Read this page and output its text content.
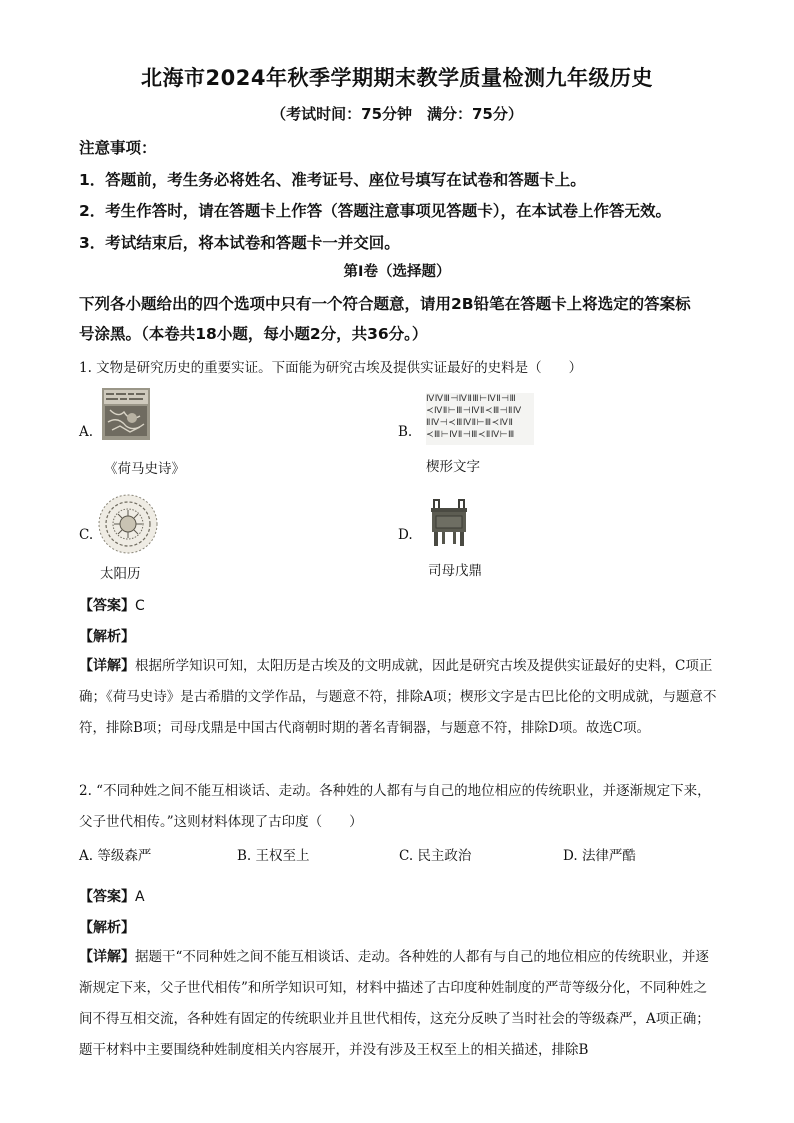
北海市2024年秋季学期期末教学质量检测九年级历史
（考试时间：75分钟　满分：75分）
注意事项：
1．答题前，考生务必将姓名、准考证号、座位号填写在试卷和答题卡上。
2．考生作答时，请在答题卡上作答（答题注意事项见答题卡），在本试卷上作答无效。
3．考试结束后，将本试卷和答题卡一并交回。
第Ⅰ卷（选择题）
下列各小题给出的四个选项中只有一个符合题意，请用2B铅笔在答题卡上将选定的答案标
号涂黑。（本卷共18小题，每小题2分，共36分。）
1. 文物是研究历史的重要实证。下面能为研究古埃及提供实证最好的史料是（　　）
A.
《荷马史诗》
B.
ⅣⅣⅢ⊣ⅣⅡⅢ⊢ⅣⅡ⊣Ⅲ
≺ⅣⅡ⊢Ⅲ⊣ⅣⅡ≺Ⅲ⊣ⅡⅣ
ⅡⅣ⊣≺ⅢⅣⅡ⊢Ⅲ≺ⅣⅡ
≺Ⅲ⊢ⅣⅡ⊣Ⅲ≺ⅡⅣ⊢Ⅲ
楔形文字
C.
太阳历
D.
司母戊鼎
【答案】C
【解析】
【详解】根据所学知识可知，太阳历是古埃及的文明成就，因此是研究古埃及提供实证最好的史料，C项正确；《荷马史诗》是古希腊的文学作品，与题意不符，排除A项；楔形文字是古巴比伦的文明成就，与题意不符，排除B项；司母戊鼎是中国古代商朝时期的著名青铜器，与题意不符，排除D项。故选C项。
2. “不同种姓之间不能互相谈话、走动。各种姓的人都有与自己的地位相应的传统职业，并逐渐规定下来，父子世代相传。”这则材料体现了古印度（　　）
A. 等级森严	B. 王权至上	C. 民主政治	D. 法律严酷
【答案】A
【解析】
【详解】据题干“不同种姓之间不能互相谈话、走动。各种姓的人都有与自己的地位相应的传统职业，并逐渐规定下来，父子世代相传”和所学知识可知，材料中描述了古印度种姓制度的严苛等级分化，不同种姓之间不得互相交流，各种姓有固定的传统职业并且世代相传，这充分反映了当时社会的等级森严，A项正确；题干材料中主要围绕种姓制度相关内容展开，并没有涉及王权至上的相关描述，排除B
